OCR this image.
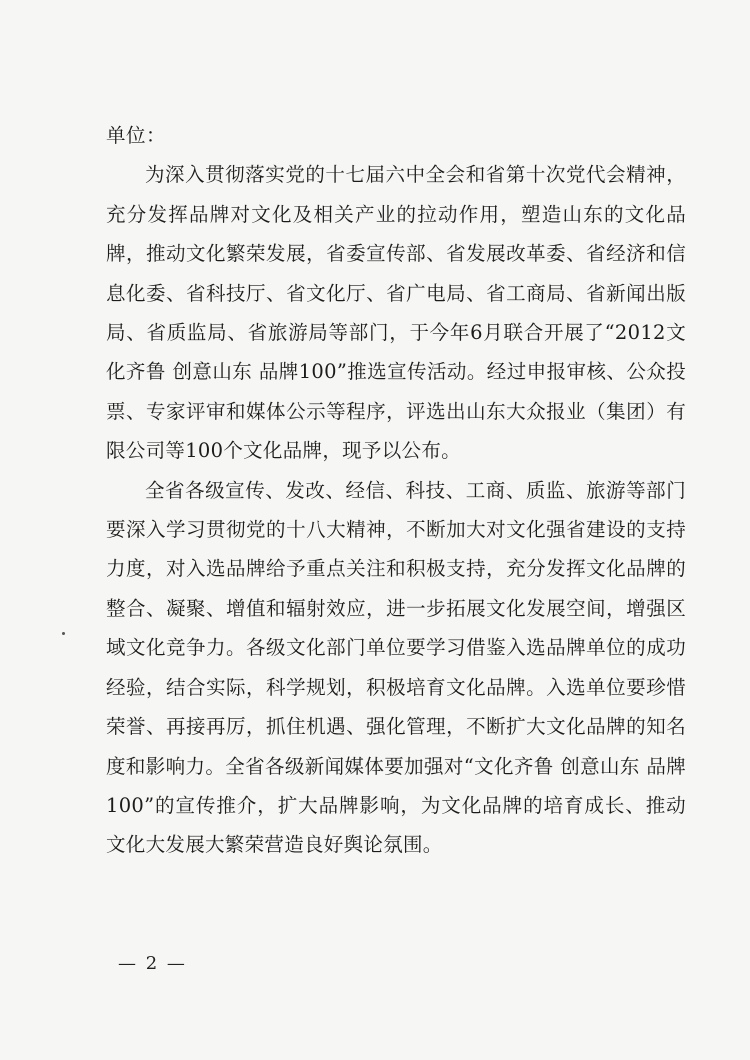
单位：

为深入贯彻落实党的十七届六中全会和省第十次党代会精神，充分发挥品牌对文化及相关产业的拉动作用，塑造山东的文化品牌，推动文化繁荣发展，省委宣传部、省发展改革委、省经济和信息化委、省科技厅、省文化厅、省广电局、省工商局、省新闻出版局、省质监局、省旅游局等部门，于今年6月联合开展了“2012文化齐鲁 创意山东 品牌100”推选宣传活动。经过申报审核、公众投票、专家评审和媒体公示等程序，评选出山东大众报业（集团）有限公司等100个文化品牌，现予以公布。

全省各级宣传、发改、经信、科技、工商、质监、旅游等部门要深入学习贯彻党的十八大精神，不断加大对文化强省建设的支持力度，对入选品牌给予重点关注和积极支持，充分发挥文化品牌的整合、凝聚、增值和辐射效应，进一步拓展文化发展空间，增强区域文化竞争力。各级文化部门单位要学习借鉴入选品牌单位的成功经验，结合实际，科学规划，积极培育文化品牌。入选单位要珍惜荣誉、再接再厉，抓住机遇、强化管理，不断扩大文化品牌的知名度和影响力。全省各级新闻媒体要加强对“文化齐鲁 创意山东 品牌100”的宣传推介，扩大品牌影响，为文化品牌的培育成长、推动文化大发展大繁荣营造良好舆论氛围。

— 2 —
